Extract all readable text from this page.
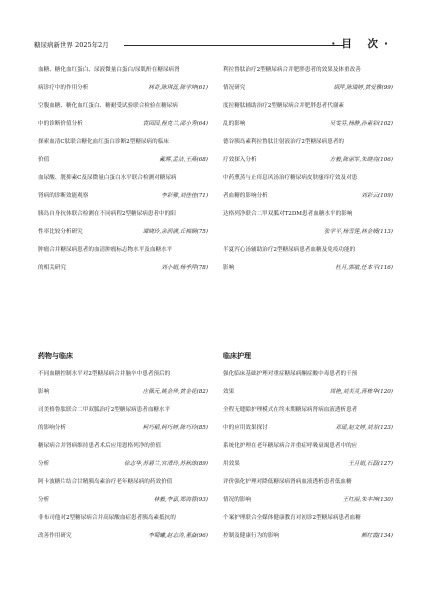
糖尿病新世界 2025年2月	·目 次·
血糖、糖化血红蛋白、尿液微量白蛋白/尿肌酐在糖尿病肾
病诊疗中的作用分析	林奇,陈琪蕊,陈学坤(61)
空腹血糖、糖化血红蛋白、糖耐受试验联合检验在糖尿病
中的诊断价值分析	袁园园,程克兰,邵小秀(64)
探索血清C肽联合糖化血红蛋白诊断2型糖尿病的临床
价值	戴辉,孟洁,王燕(68)
血尿酸、胱抑素C及尿微量白蛋白水平联合检测对糖尿病
肾病的诊断效能观察	李彩雅,刘佳佳(71)
胰岛自身抗体联合检测在不同病程2型糖尿病患者中的阳
性率比较分析研究	谭晓玲,余润满,丘棉娴(75)
肿瘤合并糖尿病患者的血清肿瘤标志物水平及血糖水平
的相关研究	刘小娟,杨季萍(78)
利拉鲁肽治疗2型糖尿病合并肥胖患者的效果及体重改善
情况研究	胡萍,陈瑞婷,黄爱雅(99)
度拉糖肽辅助治疗2型糖尿病合并肥胖患者代谢紊
乱的影响	吴雯芬,杨静,孙素彩(102)
德谷胰岛素利拉鲁肽注射液治疗2型糖尿病患者的
疗效探入分析	方毅,陈丽军,朱晓亮(106)
中药熏蒸与止痒息风汤治疗糖尿病皮肤瘙痒疗效及对患
者血糖的影响分析	刘彩云(109)
达格列净联合二甲双胍对T2DM患者血糖水平的影响
张学平,杨雪莲,林金媛(113)
半夏泻心汤辅助治疗2型糖尿病患者血糖及免疫功能的
影响	杜月,郭敏,任本平(116)
药物与临床
不同血糖控制水平对2型糖尿病合并脑卒中患者预后的
影响	庄佩元,姚金珍,黄金花(82)
司美格鲁肽联合二甲双胍治疗2型糖尿病患者血糖水平
的影响分析	柯巧稻,柯巧婷,陈巧玲(85)
糖尿病合并肾病维持患者术后应用恩格列净的价值
分析	徐志华,苏碧兰,官清玲,苏秋练(89)
阿卡波糖片结合甘精胰岛素治疗老年糖尿病的药效价值
分析	林毅,李嘉,郑海蓉(93)
非布司他对2型糖尿病合并高尿酸血症患者胰岛素抵抗的
改善作用研究	李蜀曦,赵志涛,董焱(96)
临床护理
强化临床基础护理对重症糖尿病酮症酸中毒患者的干预
效果	周艳,刘芙灵,蒋栋华(120)
全程无缝隙护理模式在终末期糖尿病肾病血液透析患者
中的应用效果探讨	邓瑶,赵文婷,刘芳(123)
系统化护理在老年糖尿病合并重症呼吸衰竭患者中的应
用效果	王月娟,石磊(127)
评价强化护理对降低糖尿病肾病血液透析患者低血糖
情况的影响	王红丽,朱丰坤(130)
个案护理联合全媒体健康教育对初诊2型糖尿病患者血糖
控制及健康行为的影响	颜红霞(134)
